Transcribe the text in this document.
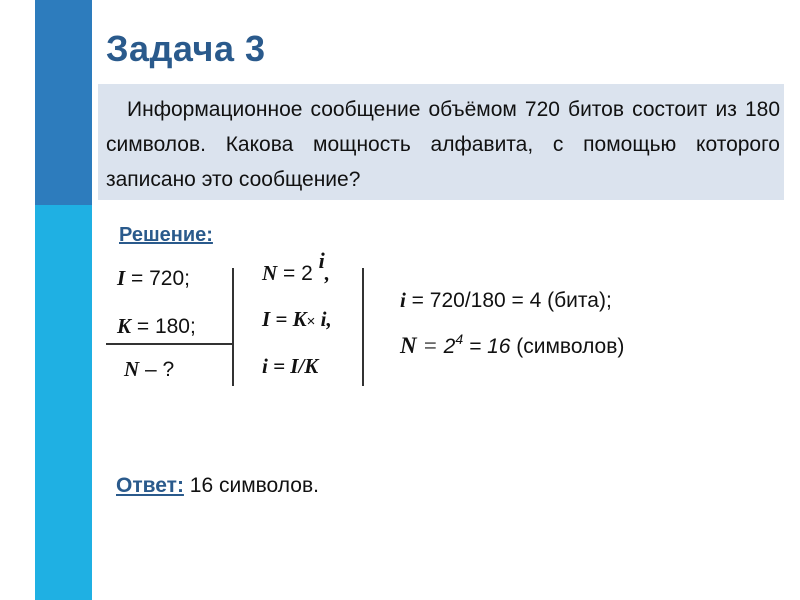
Задача 3
Информационное сообщение объёмом 720 битов состоит из 180 символов. Какова мощность алфавита, с помощью которого записано это сообщение?
Решение:
I = 720;
K = 180;
N – ?
N = 2 i,
I = K× i,
i = I/K
i = 720/180 = 4 (бита);
$N = 2^4 = 16$ (символов)
Ответ: 16 символов.
